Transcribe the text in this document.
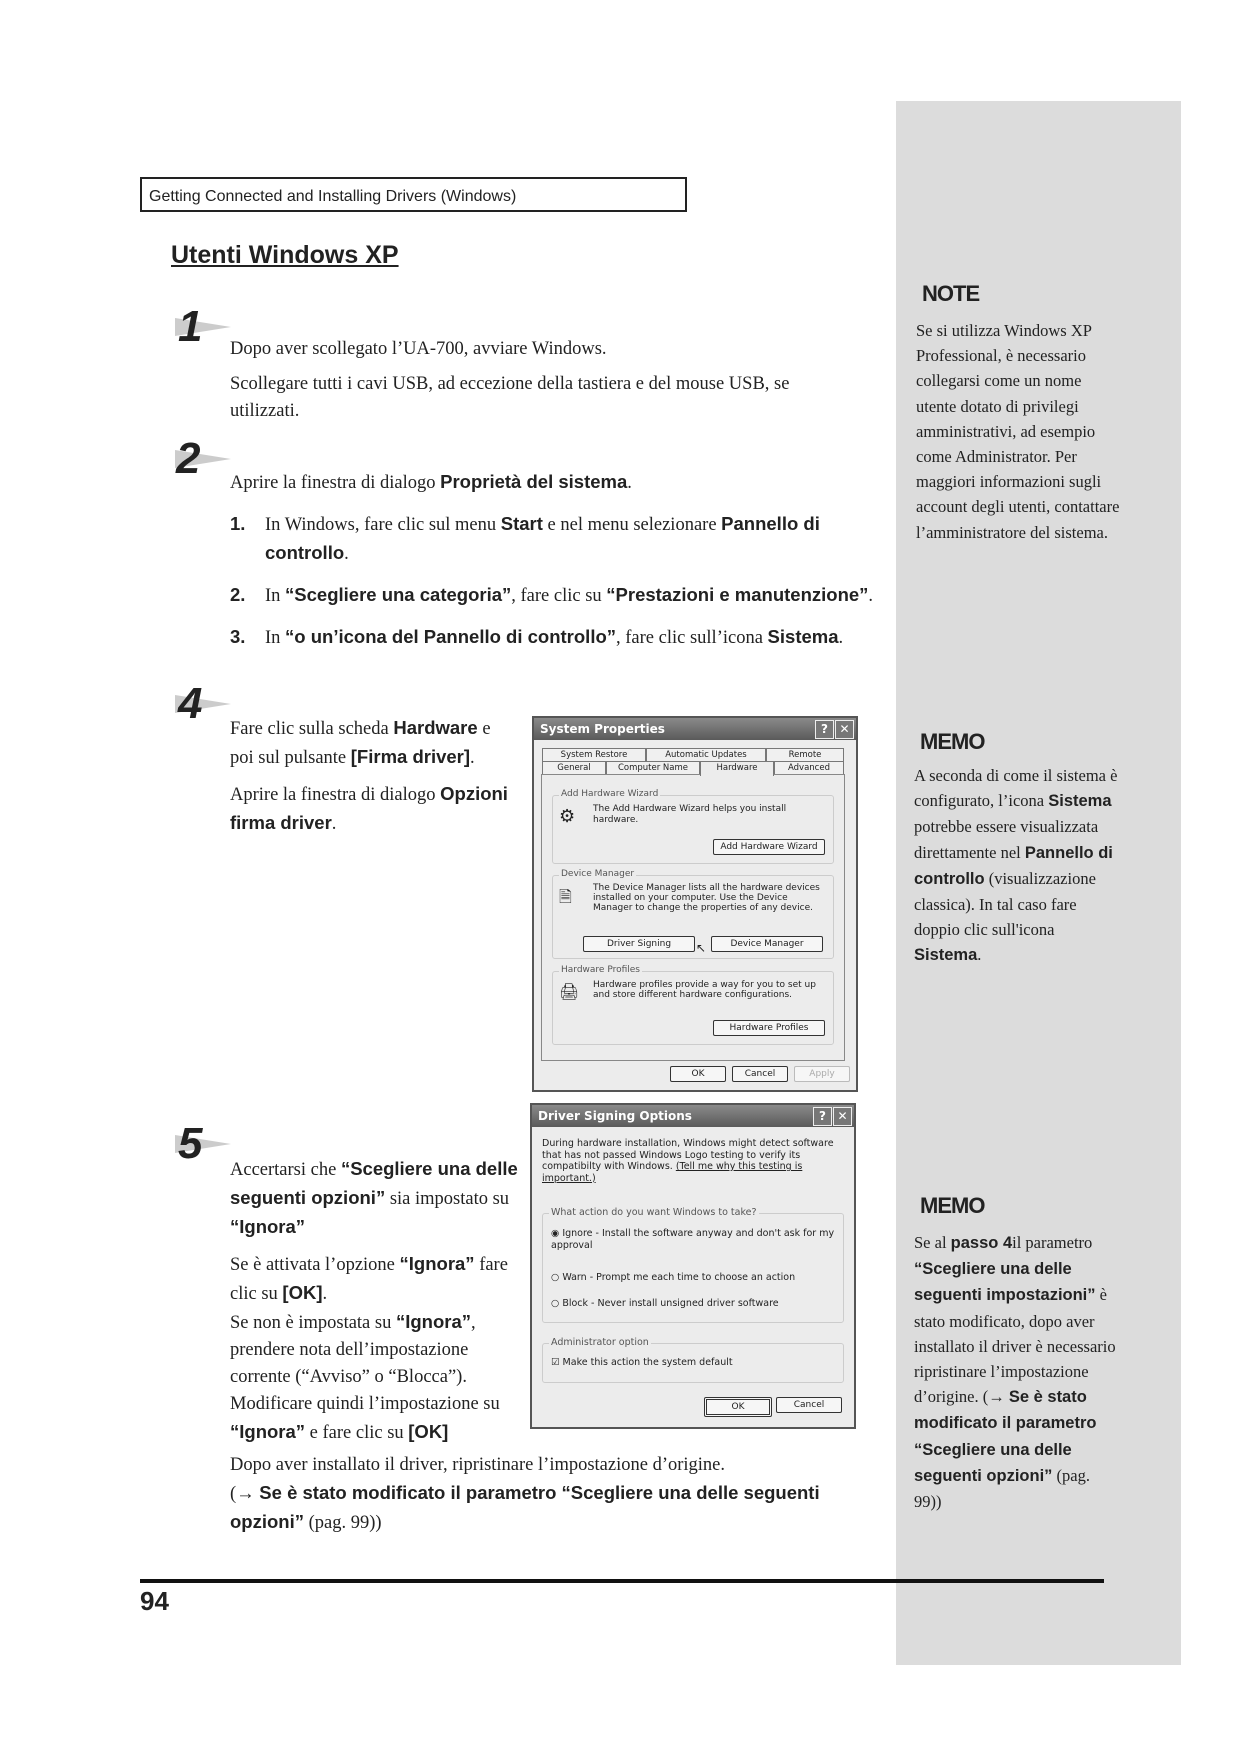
Getting Connected and Installing Drivers (Windows)
Utenti Windows XP
1 Dopo aver scollegato l’UA-700, avviare Windows.
Scollegare tutti i cavi USB, ad eccezione della tastiera e del mouse USB, se utilizzati.
2 Aprire la finestra di dialogo Proprietà del sistema.
1.	In Windows, fare clic sul menu Start e nel menu selezionare Pannello di controllo.
2.	In “Scegliere una categoria”, fare clic su “Prestazioni e manutenzione”.
3.	In “o un’icona del Pannello di controllo”, fare clic sull’icona Sistema.
4
Fare clic sulla scheda Hardware e poi sul pulsante [Firma driver].
Aprire la finestra di dialogo Opzioni firma driver.
System Properties	? ✕
System Restore	Automatic Updates	Remote
General	Computer Name	Hardware	Advanced
Add Hardware Wizard
⚙ The Add Hardware Wizard helps you install hardware.
Add Hardware Wizard
Device Manager
🗎 The Device Manager lists all the hardware devices installed on your computer. Use the Device Manager to change the properties of any device.
Driver Signing	Device Manager
↖
Hardware Profiles
🖨 Hardware profiles provide a way for you to set up and store different hardware configurations.
Hardware Profiles
OK	Cancel	Apply
Driver Signing Options	? ✕
During hardware installation, Windows might detect software that has not passed Windows Logo testing to verify its compatibilty with Windows. (Tell me why this testing is important.)
What action do you want Windows to take?
◉ Ignore - Install the software anyway and don't ask for my approval
○ Warn - Prompt me each time to choose an action
○ Block - Never install unsigned driver software
Administrator option
☑ Make this action the system default
OK	Cancel
5
Accertarsi che “Scegliere una delle seguenti opzioni” sia impostato su “Ignora”
Se è attivata l’opzione “Ignora” fare clic su [OK].
Se non è impostata su “Ignora”, prendere nota dell’impostazione corrente (“Avviso” o “Blocca”). Modificare quindi l’impostazione su “Ignora” e fare clic su [OK]
Dopo aver installato il driver, ripristinare l’impostazione d’origine.
(→ Se è stato modificato il parametro “Scegliere una delle seguenti opzioni” (pag. 99))
NOTE
Se si utilizza Windows XP Professional, è necessario collegarsi come un nome utente dotato di privilegi amministrativi, ad esempio come Administrator. Per maggiori informazioni sugli account degli utenti, contattare l’amministratore del sistema.
MEMO
A seconda di come il sistema è configurato, l’icona Sistema potrebbe essere visualizzata direttamente nel Pannello di controllo (visualizzazione classica). In tal caso fare doppio clic sull'icona Sistema.
MEMO
Se al passo 4il parametro “Scegliere una delle seguenti impostazioni” è stato modificato, dopo aver installato il driver è necessario ripristinare l’impostazione d’origine. (→ Se è stato modificato il parametro “Scegliere una delle seguenti opzioni” (pag. 99))
94
